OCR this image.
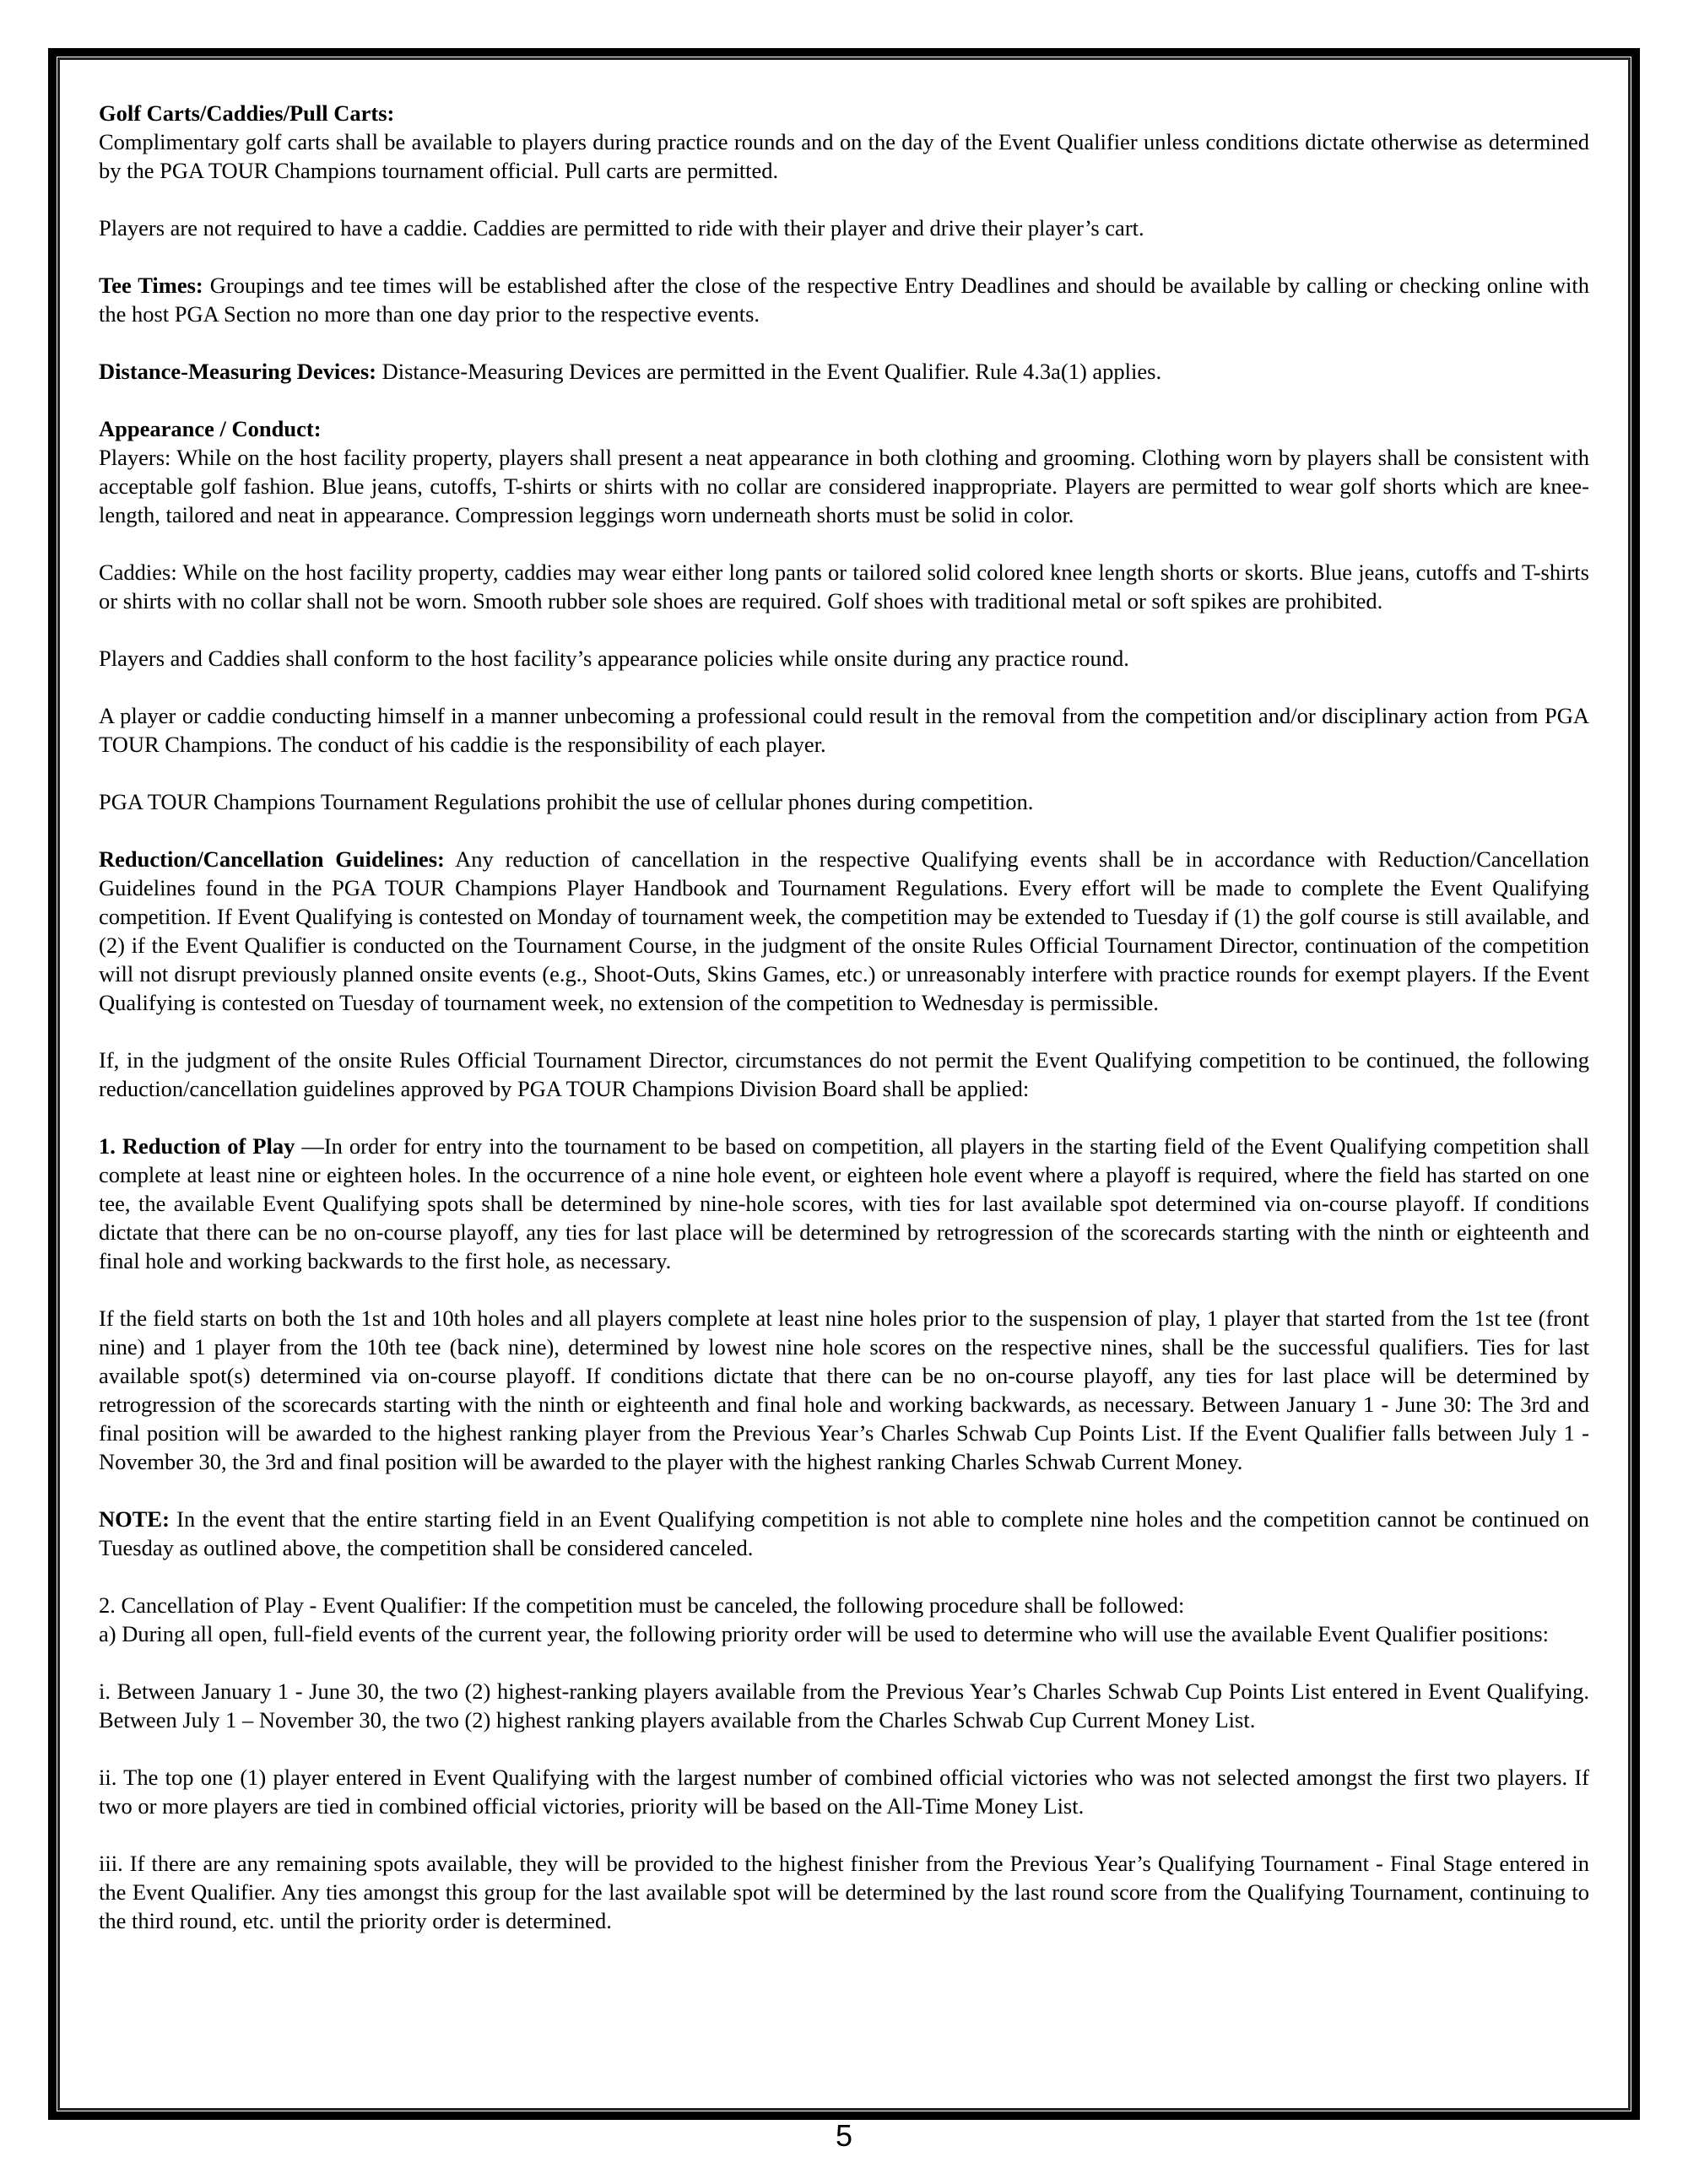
Golf Carts/Caddies/Pull Carts:

Complimentary golf carts shall be available to players during practice rounds and on the day of the Event Qualifier unless conditions dictate otherwise as determined by the PGA TOUR Champions tournament official. Pull carts are permitted.

Players are not required to have a caddie. Caddies are permitted to ride with their player and drive their player’s cart.

Tee Times: Groupings and tee times will be established after the close of the respective Entry Deadlines and should be available by calling or checking online with the host PGA Section no more than one day prior to the respective events.

Distance-Measuring Devices: Distance-Measuring Devices are permitted in the Event Qualifier. Rule 4.3a(1) applies.

Appearance / Conduct:

Players: While on the host facility property, players shall present a neat appearance in both clothing and grooming. Clothing worn by players shall be consistent with acceptable golf fashion. Blue jeans, cutoffs, T-shirts or shirts with no collar are considered inappropriate. Players are permitted to wear golf shorts which are knee-length, tailored and neat in appearance. Compression leggings worn underneath shorts must be solid in color.

Caddies: While on the host facility property, caddies may wear either long pants or tailored solid colored knee length shorts or skorts. Blue jeans, cutoffs and T-shirts or shirts with no collar shall not be worn. Smooth rubber sole shoes are required. Golf shoes with traditional metal or soft spikes are prohibited.

Players and Caddies shall conform to the host facility’s appearance policies while onsite during any practice round.

A player or caddie conducting himself in a manner unbecoming a professional could result in the removal from the competition and/or disciplinary action from PGA TOUR Champions. The conduct of his caddie is the responsibility of each player.

PGA TOUR Champions Tournament Regulations prohibit the use of cellular phones during competition.

Reduction/Cancellation Guidelines: Any reduction of cancellation in the respective Qualifying events shall be in accordance with Reduction/Cancellation Guidelines found in the PGA TOUR Champions Player Handbook and Tournament Regulations. Every effort will be made to complete the Event Qualifying competition. If Event Qualifying is contested on Monday of tournament week, the competition may be extended to Tuesday if (1) the golf course is still available, and (2) if the Event Qualifier is conducted on the Tournament Course, in the judgment of the onsite Rules Official Tournament Director, continuation of the competition will not disrupt previously planned onsite events (e.g., Shoot-Outs, Skins Games, etc.) or unreasonably interfere with practice rounds for exempt players. If the Event Qualifying is contested on Tuesday of tournament week, no extension of the competition to Wednesday is permissible.

If, in the judgment of the onsite Rules Official Tournament Director, circumstances do not permit the Event Qualifying competition to be continued, the following reduction/cancellation guidelines approved by PGA TOUR Champions Division Board shall be applied:

1. Reduction of Play —In order for entry into the tournament to be based on competition, all players in the starting field of the Event Qualifying competition shall complete at least nine or eighteen holes. In the occurrence of a nine hole event, or eighteen hole event where a playoff is required, where the field has started on one tee, the available Event Qualifying spots shall be determined by nine-hole scores, with ties for last available spot determined via on-course playoff. If conditions dictate that there can be no on-course playoff, any ties for last place will be determined by retrogression of the scorecards starting with the ninth or eighteenth and final hole and working backwards to the first hole, as necessary.

If the field starts on both the 1st and 10th holes and all players complete at least nine holes prior to the suspension of play, 1 player that started from the 1st tee (front nine) and 1 player from the 10th tee (back nine), determined by lowest nine hole scores on the respective nines, shall be the successful qualifiers. Ties for last available spot(s) determined via on-course playoff. If conditions dictate that there can be no on-course playoff, any ties for last place will be determined by retrogression of the scorecards starting with the ninth or eighteenth and final hole and working backwards, as necessary. Between January 1 - June 30: The 3rd and final position will be awarded to the highest ranking player from the Previous Year’s Charles Schwab Cup Points List. If the Event Qualifier falls between July 1 - November 30, the 3rd and final position will be awarded to the player with the highest ranking Charles Schwab Current Money.

NOTE: In the event that the entire starting field in an Event Qualifying competition is not able to complete nine holes and the competition cannot be continued on Tuesday as outlined above, the competition shall be considered canceled.

2. Cancellation of Play - Event Qualifier: If the competition must be canceled, the following procedure shall be followed:

a) During all open, full-field events of the current year, the following priority order will be used to determine who will use the available Event Qualifier positions:

i. Between January 1 - June 30, the two (2) highest-ranking players available from the Previous Year’s Charles Schwab Cup Points List entered in Event Qualifying. Between July 1 – November 30, the two (2) highest ranking players available from the Charles Schwab Cup Current Money List.

ii. The top one (1) player entered in Event Qualifying with the largest number of combined official victories who was not selected amongst the first two players. If two or more players are tied in combined official victories, priority will be based on the All-Time Money List.

iii. If there are any remaining spots available, they will be provided to the highest finisher from the Previous Year’s Qualifying Tournament - Final Stage entered in the Event Qualifier. Any ties amongst this group for the last available spot will be determined by the last round score from the Qualifying Tournament, continuing to the third round, etc. until the priority order is determined.

5
